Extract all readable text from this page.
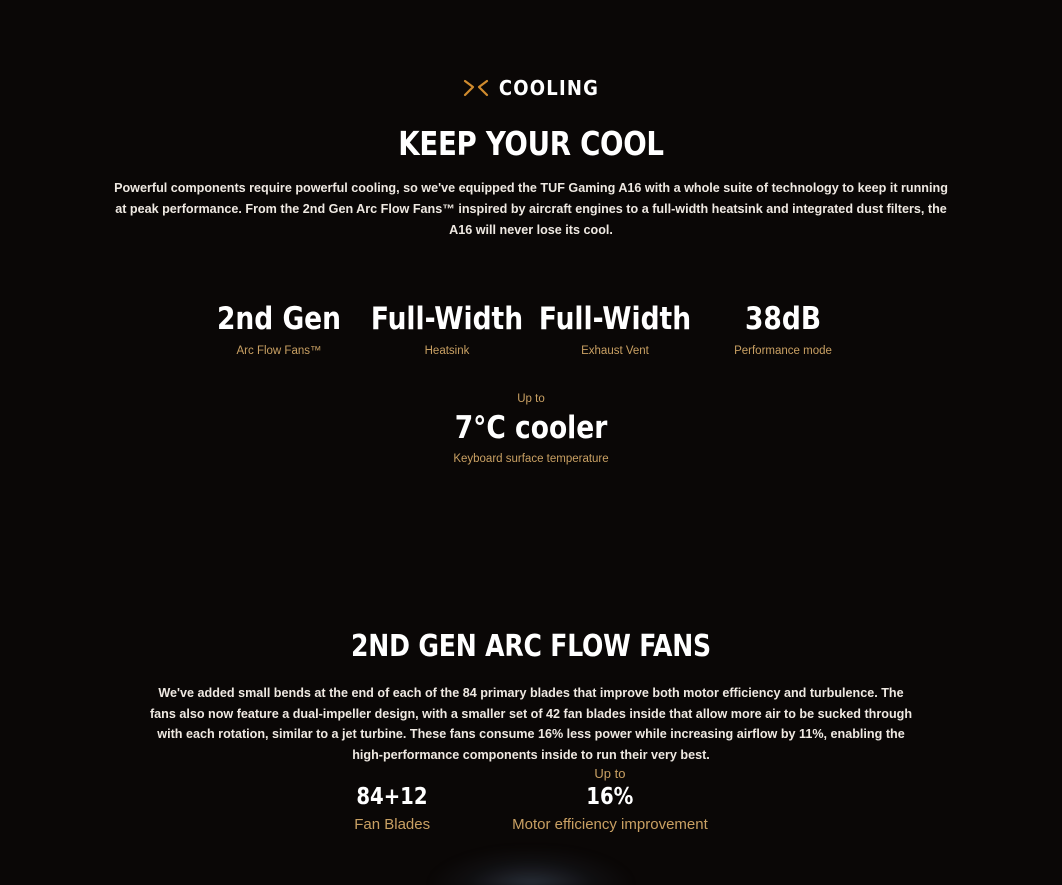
COOLING
KEEP YOUR COOL
Powerful components require powerful cooling, so we've equipped the TUF Gaming A16 with a whole suite of technology to keep it running at peak performance. From the 2nd Gen Arc Flow Fans™ inspired by aircraft engines to a full-width heatsink and integrated dust filters, the A16 will never lose its cool.
2nd Gen
Arc Flow Fans™
Full-Width
Heatsink
Full-Width
Exhaust Vent
38dB
Performance mode
Up to
7°C cooler
Keyboard surface temperature
2ND GEN ARC FLOW FANS
We've added small bends at the end of each of the 84 primary blades that improve both motor efficiency and turbulence. The fans also now feature a dual-impeller design, with a smaller set of 42 fan blades inside that allow more air to be sucked through with each rotation, similar to a jet turbine. These fans consume 16% less power while increasing airflow by 11%, enabling the high-performance components inside to run their very best.
84+12
Fan Blades
Up to
16%
Motor efficiency improvement
